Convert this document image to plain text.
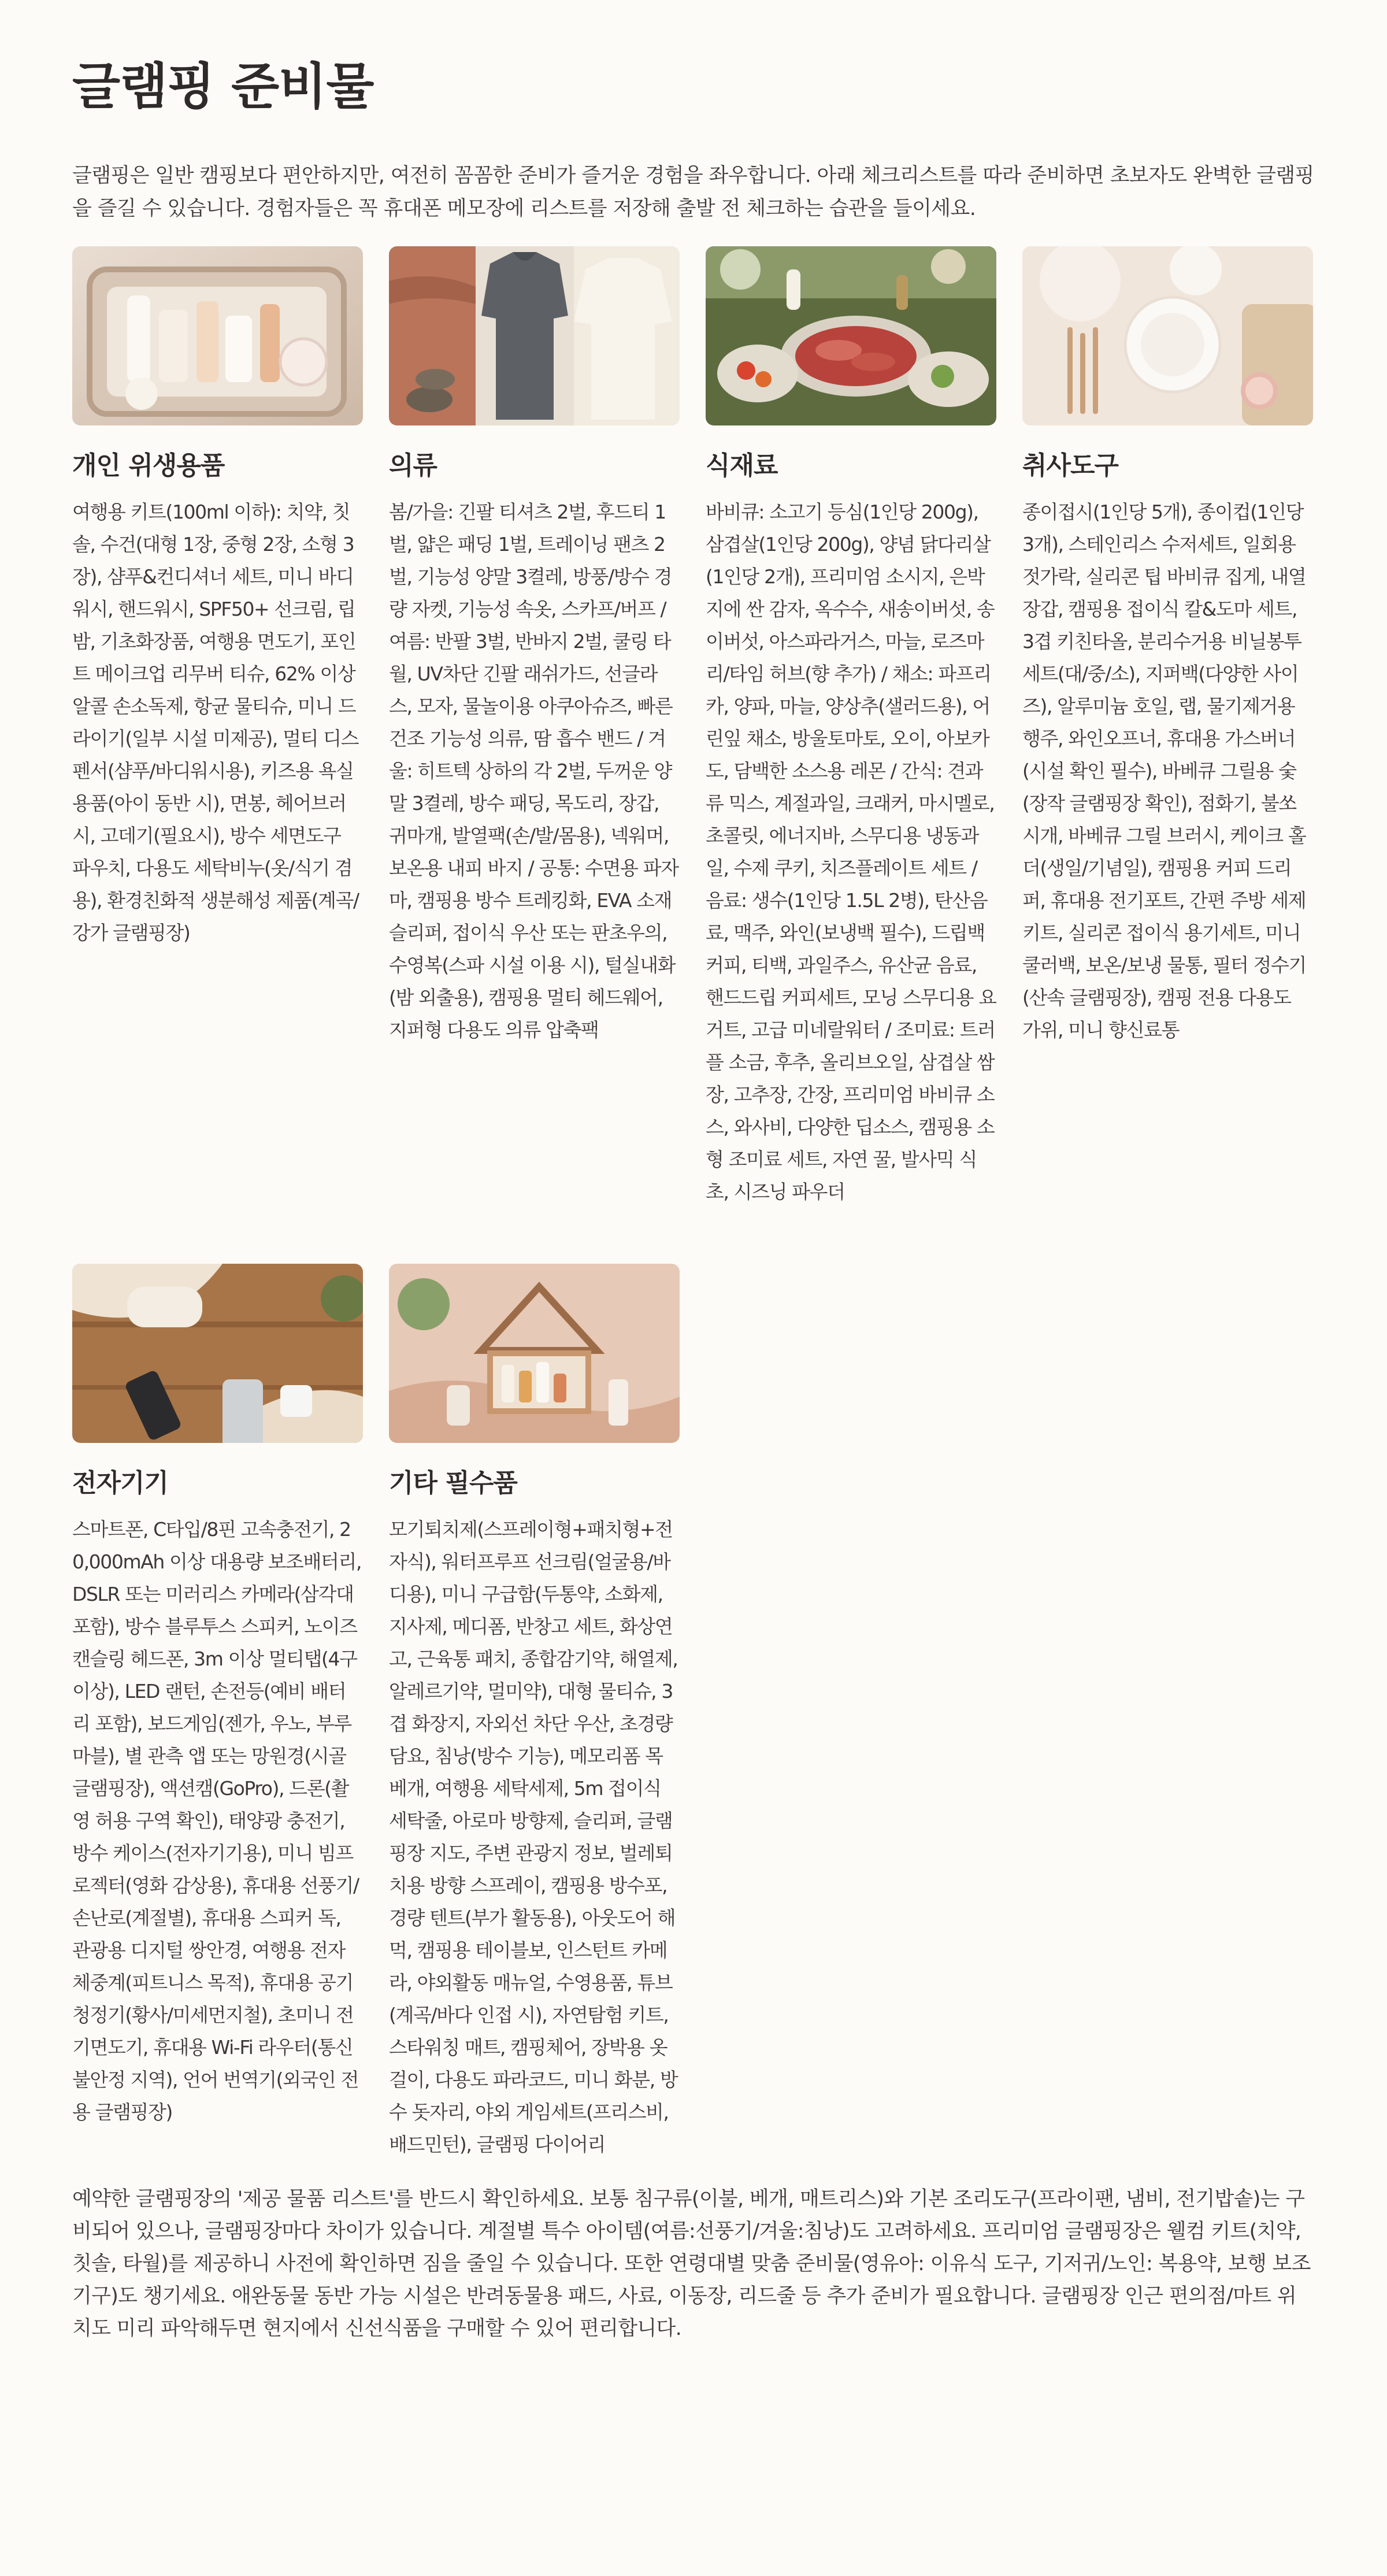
글램핑 준비물

글램핑은 일반 캠핑보다 편안하지만, 여전히 꼼꼼한 준비가 즐거운 경험을 좌우합니다. 아래 체크리스트를 따라 준비하면 초보자도 완벽한 글램핑을 즐길 수 있습니다. 경험자들은 꼭 휴대폰 메모장에 리스트를 저장해 출발 전 체크하는 습관을 들이세요.

개인 위생용품

여행용 키트(100ml 이하): 치약, 칫솔, 수건(대형 1장, 중형 2장, 소형 3장), 샴푸&컨디셔너 세트, 미니 바디워시, 핸드워시, SPF50+ 선크림, 립밤, 기초화장품, 여행용 면도기, 포인트 메이크업 리무버 티슈, 62% 이상 알콜 손소독제, 항균 물티슈, 미니 드라이기(일부 시설 미제공), 멀티 디스펜서(샴푸/바디워시용), 키즈용 욕실용품(아이 동반 시), 면봉, 헤어브러시, 고데기(필요시), 방수 세면도구 파우치, 다용도 세탁비누(옷/식기 겸용), 환경친화적 생분해성 제품(계곡/강가 글램핑장)

의류

봄/가을: 긴팔 티셔츠 2벌, 후드티 1벌, 얇은 패딩 1벌, 트레이닝 팬츠 2벌, 기능성 양말 3켤레, 방풍/방수 경량 자켓, 기능성 속옷, 스카프/버프 / 여름: 반팔 3벌, 반바지 2벌, 쿨링 타월, UV차단 긴팔 래쉬가드, 선글라스, 모자, 물놀이용 아쿠아슈즈, 빠른건조 기능성 의류, 땀 흡수 밴드 / 겨울: 히트텍 상하의 각 2벌, 두꺼운 양말 3켤레, 방수 패딩, 목도리, 장갑, 귀마개, 발열팩(손/발/몸용), 넥워머, 보온용 내피 바지 / 공통: 수면용 파자마, 캠핑용 방수 트레킹화, EVA 소재 슬리퍼, 접이식 우산 또는 판초우의, 수영복(스파 시설 이용 시), 털실내화(밤 외출용), 캠핑용 멀티 헤드웨어, 지퍼형 다용도 의류 압축팩

식재료

바비큐: 소고기 등심(1인당 200g), 삼겹살(1인당 200g), 양념 닭다리살(1인당 2개), 프리미엄 소시지, 은박지에 싼 감자, 옥수수, 새송이버섯, 송이버섯, 아스파라거스, 마늘, 로즈마리/타임 허브(향 추가) / 채소: 파프리카, 양파, 마늘, 양상추(샐러드용), 어린잎 채소, 방울토마토, 오이, 아보카도, 담백한 소스용 레몬 / 간식: 견과류 믹스, 계절과일, 크래커, 마시멜로, 초콜릿, 에너지바, 스무디용 냉동과일, 수제 쿠키, 치즈플레이트 세트 / 음료: 생수(1인당 1.5L 2병), 탄산음료, 맥주, 와인(보냉백 필수), 드립백 커피, 티백, 과일주스, 유산균 음료, 핸드드립 커피세트, 모닝 스무디용 요거트, 고급 미네랄워터 / 조미료: 트러플 소금, 후추, 올리브오일, 삼겹살 쌈장, 고추장, 간장, 프리미엄 바비큐 소스, 와사비, 다양한 딥소스, 캠핑용 소형 조미료 세트, 자연 꿀, 발사믹 식초, 시즈닝 파우더

취사도구

종이접시(1인당 5개), 종이컵(1인당 3개), 스테인리스 수저세트, 일회용 젓가락, 실리콘 팁 바비큐 집게, 내열 장갑, 캠핑용 접이식 칼&도마 세트, 3겹 키친타올, 분리수거용 비닐봉투 세트(대/중/소), 지퍼백(다양한 사이즈), 알루미늄 호일, 랩, 물기제거용 행주, 와인오프너, 휴대용 가스버너(시설 확인 필수), 바베큐 그릴용 숯(장작 글램핑장 확인), 점화기, 불쏘시개, 바베큐 그릴 브러시, 케이크 홀더(생일/기념일), 캠핑용 커피 드리퍼, 휴대용 전기포트, 간편 주방 세제 키트, 실리콘 접이식 용기세트, 미니 쿨러백, 보온/보냉 물통, 필터 정수기(산속 글램핑장), 캠핑 전용 다용도 가위, 미니 향신료통

전자기기

스마트폰, C타입/8핀 고속충전기, 20,000mAh 이상 대용량 보조배터리, DSLR 또는 미러리스 카메라(삼각대 포함), 방수 블루투스 스피커, 노이즈캔슬링 헤드폰, 3m 이상 멀티탭(4구 이상), LED 랜턴, 손전등(예비 배터리 포함), 보드게임(젠가, 우노, 부루마블), 별 관측 앱 또는 망원경(시골 글램핑장), 액션캠(GoPro), 드론(촬영 허용 구역 확인), 태양광 충전기, 방수 케이스(전자기기용), 미니 빔프로젝터(영화 감상용), 휴대용 선풍기/손난로(계절별), 휴대용 스피커 독, 관광용 디지털 쌍안경, 여행용 전자 체중계(피트니스 목적), 휴대용 공기청정기(황사/미세먼지철), 초미니 전기면도기, 휴대용 Wi-Fi 라우터(통신 불안정 지역), 언어 번역기(외국인 전용 글램핑장)

기타 필수품

모기퇴치제(스프레이형+패치형+전자식), 워터프루프 선크림(얼굴용/바디용), 미니 구급함(두통약, 소화제, 지사제, 메디폼, 반창고 세트, 화상연고, 근육통 패치, 종합감기약, 해열제, 알레르기약, 멀미약), 대형 물티슈, 3겹 화장지, 자외선 차단 우산, 초경량 담요, 침낭(방수 기능), 메모리폼 목베개, 여행용 세탁세제, 5m 접이식 세탁줄, 아로마 방향제, 슬리퍼, 글램핑장 지도, 주변 관광지 정보, 벌레퇴치용 방향 스프레이, 캠핑용 방수포, 경량 텐트(부가 활동용), 아웃도어 해먹, 캠핑용 테이블보, 인스턴트 카메라, 야외활동 매뉴얼, 수영용품, 튜브(계곡/바다 인접 시), 자연탐험 키트, 스타워칭 매트, 캠핑체어, 장박용 옷걸이, 다용도 파라코드, 미니 화분, 방수 돗자리, 야외 게임세트(프리스비, 배드민턴), 글램핑 다이어리

예약한 글램핑장의 '제공 물품 리스트'를 반드시 확인하세요. 보통 침구류(이불, 베개, 매트리스)와 기본 조리도구(프라이팬, 냄비, 전기밥솥)는 구비되어 있으나, 글램핑장마다 차이가 있습니다. 계절별 특수 아이템(여름:선풍기/겨울:침낭)도 고려하세요. 프리미엄 글램핑장은 웰컴 키트(치약, 칫솔, 타월)를 제공하니 사전에 확인하면 짐을 줄일 수 있습니다. 또한 연령대별 맞춤 준비물(영유아: 이유식 도구, 기저귀/노인: 복용약, 보행 보조기구)도 챙기세요. 애완동물 동반 가능 시설은 반려동물용 패드, 사료, 이동장, 리드줄 등 추가 준비가 필요합니다. 글램핑장 인근 편의점/마트 위치도 미리 파악해두면 현지에서 신선식품을 구매할 수 있어 편리합니다.
